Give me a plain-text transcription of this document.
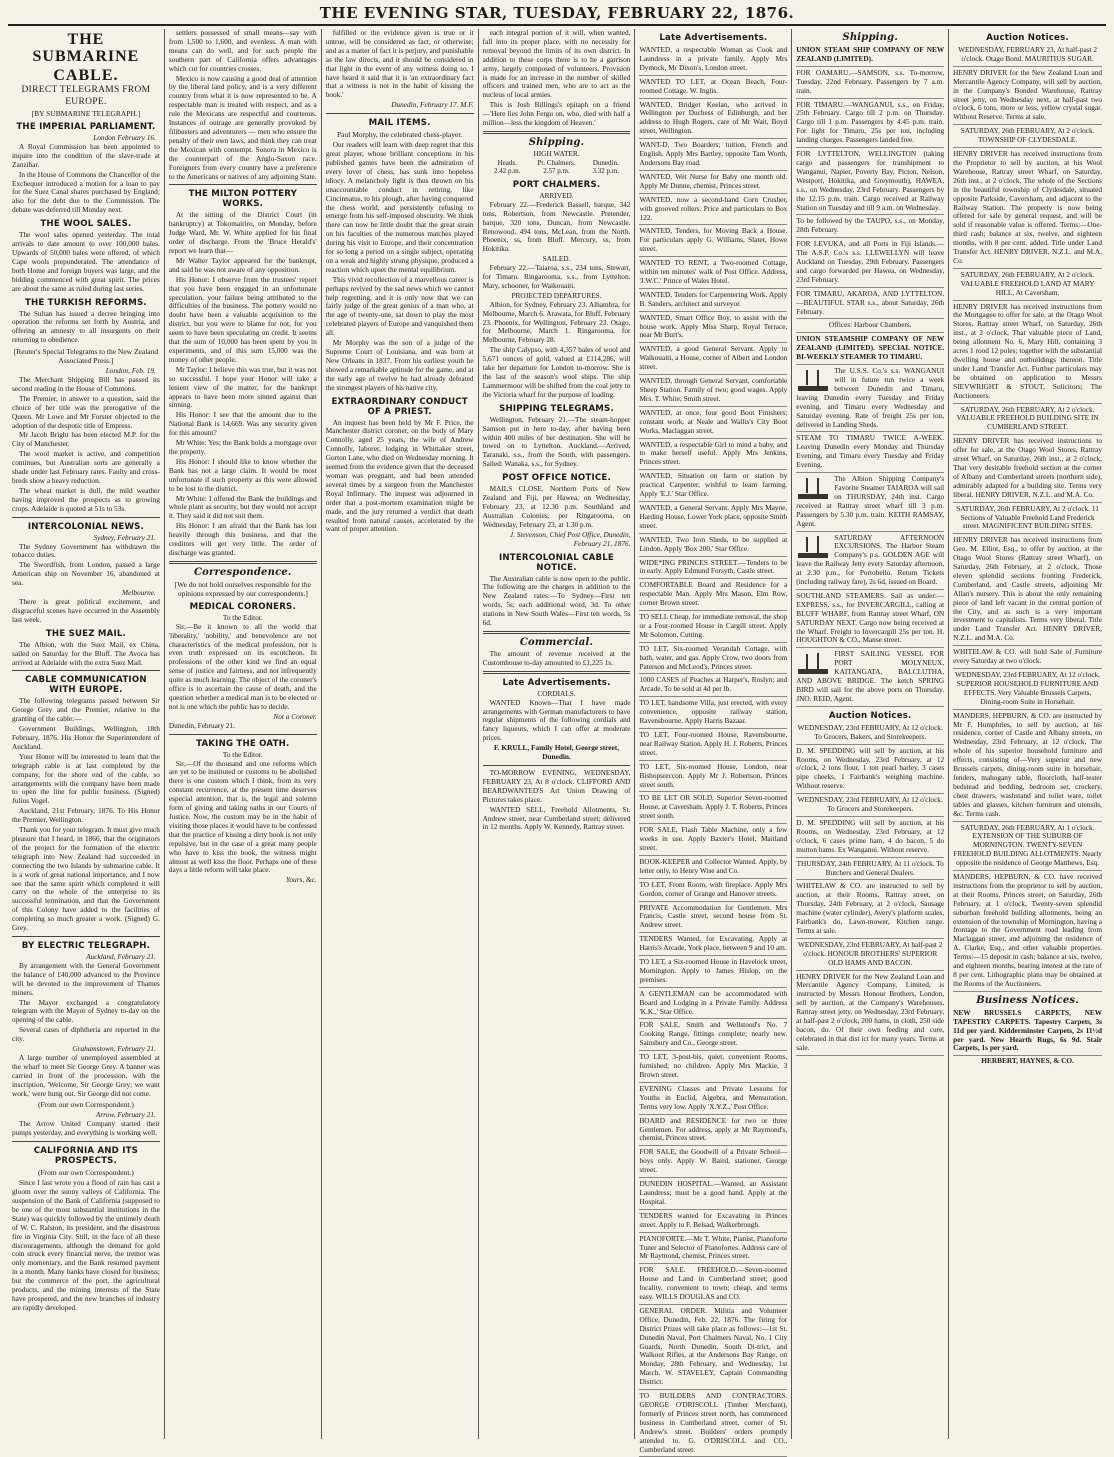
THE EVENING STAR, TUESDAY, FEBRUARY 22, 1876.
THE SUBMARINE
CABLE.
DIRECT TELEGRAMS FROM
EUROPE.
[BY SUBMARINE TELEGRAPH.]
THE IMPERIAL PARLIAMENT.
London February 16.

A Royal Commission has been appointed to inquire into the condition of the slave-trade at Zanzibar.

In the House of Commons the Chancellor of the Exchequer introduced a motion for a loan to pay for the Suez Canal shares purchased by England; also for the debt due to the Commission. The debate was deferred till Monday next.

THE WOOL SALES.

The wool sales opened yesterday. The total arrivals to date amount to over 100,000 bales. Upwards of 50,000 bales were offered, of which Cape wools preponderated. The attendance of both Home and foreign buyers was large, and the bidding commenced with great spirit. The prices are about the same as ruled during last series.

THE TURKISH REFORMS.

The Sultan has issued a decree bringing into operation the reforms set forth by Austria, and offering an amnesty to all insurgents on their returning to obedience.

[Reuter's Special Telegrams to the New Zealand Associated Press.]
London, Feb. 19.

The Merchant Shipping Bill has passed its second reading in the House of Commons.

The Premier, in answer to a question, said the choice of her title was the prerogative of the Queen. Mr Lowe and Mr Forster objected to the adoption of the despotic title of Empress.

Mr Jacob Bright has been elected M.P. for the City of Manchester.

The wool market is active, and competition continues, but Australian sorts are generally a shade under last February rates. Faulty and cross-breds show a heavy reduction.

The wheat market is dull, the mild weather having improved the prospects as to growing crops. Adelaide is quoted at 51s to 53s.

INTERCOLONIAL NEWS.
Sydney, February 21.

The Sydney Government has withdrawn the tobacco duties.

The Swordfish, from London, passed a large American ship on November 16, abandoned at sea.

Melbourne.

There is great political excitement, and disgraceful scenes have occurred in the Assembly last week.

THE SUEZ MAIL.

The Albion, with the Suez Mail, ex China, sailed on Saturday for the Bluff. The Avoca has arrived at Adelaide with the extra Suez Mail.

CABLE COMMUNICATION WITH EUROPE.

The following telegrams passed between Sir George Grey and the Premier, relative to the granting of the cable:—

Government Buildings, Wellington, 18th February, 1876. His Honor the Superintendent of Auckland.

Your Honor will be interested to learn that the telegraph cable is at last completed by the company, for the shore end of the cable, so arrangements with the company have been made to open the line for public business. (Signed) Julius Vogel.

Auckland, 21st February, 1876. To His Honor the Premier, Wellington.

Thank you for your telegram. It must give much pleasure that I heard, in 1866, that the originators of the project for the formation of the electric telegraph into New Zealand had succeeded in connecting the two Islands by submarine cable. It is a work of great national importance, and I now see that the same spirit which completed it will carry on the whole of the enterprise to its successful termination, and that the Government of this Colony have added to the facilities of completing so much greater a work. (Signed) G. Grey.

BY ELECTRIC TELEGRAPH.
Auckland, February 21.

By arrangement with the General Government the balance of £40,000 advanced to the Province will be devoted to the improvement of Thames miners.

The Mayor exchanged a congratulatory telegram with the Mayor of Sydney to-day on the opening of the cable.

Several cases of diphtheria are reported in the city.

Grahamstown, February 21.

A large number of unemployed assembled at the wharf to meet Sir George Grey. A banner was carried in front of the procession, with the inscription, 'Welcome, Sir George Grey; we want work,' were hung out. Sir George did not come.

(From our own Correspondent.)
Arrow, February 21.

The Arrow United Company started their pumps yesterday, and everything is working well.

CALIFORNIA AND ITS PROSPECTS.
(From our own Correspondent.)

Since I last wrote you a flood of rain has cast a gloom over the sunny valleys of California. The suspension of the Bank of California (supposed to be one of the most substantial institutions in the State) was quickly followed by the untimely death of W. C. Ralston, its president, and the disastrous fire in Virginia City. Still, in the face of all these discouragements, although the demand for gold coin struck every financial nerve, the tremor was only momentary, and the Bank resumed payment in a month. Many banks have closed for business; but the commerce of the port, the agricultural products, and the mining interests of the State have prospered, and the new branches of industry are rapidly developed.

settlers possessed of small means—say with from 1,500 to 1,600, and evenless. A man with means can do well, and for such people the southern part of California offers advantages which cut for countries crosses.

Mexico is now causing a good deal of attention by the liberal land policy, and is a very different country from what it is now represented to be. A respectable man is treated with respect, and as a rule the Mexicans are respectful and courteous. Instances of outrage are generally provoked by filibusters and adventurers — men who ensure the penalty of their own laws, and think they can treat the Mexican with contempt. Sonora in Mexico is the counterpart of the Anglo-Saxon race. Foreigners from every country have a preference to the Americans or natives of any adjoining State.

THE MILTON POTTERY WORKS.

At the sitting of the District Court (in bankruptcy) at Tokomairiro, on Monday, before Judge Ward, Mr. W. White applied for his final order of discharge. From the 'Bruce Herald's' report we learn that—

Mr Walter Taylor appeared for the bankrupt, and said he was not aware of any opposition.

His Honor: I observe from the trustees' report that you have been engaged in an unfortunate speculation, your failure being attributed to the difficulties of the business. The pottery would no doubt have been a valuable acquisition to the district, but you were to blame for not, for you seem to have been speculating on credit. It seems that the sum of 10,000 has been spent by you in experiments, and of this sum 15,000 was the money of other people.

Mr Taylor: I believe this was true, but it was not so successful. I hope your Honor will take a lenient view of the matter, for the bankrupt appears to have been more sinned against than sinning.

His Honor: I see that the amount due to the National Bank is 14,669. Was any security given for this amount?

Mr White: Yes; the Bank holds a mortgage over the property.

His Honor: I should like to know whether the Bank has not a large claim. It would be most unfortunate if such property as this were allowed to be lost to the district.

Mr White: I offered the Bank the buildings and whole plant as security, but they would not accept it. They said it did not suit them.

His Honor: I am afraid that the Bank has lost heavily through this business, and that the creditors will get very little. The order of discharge was granted.

Correspondence.
[We do not hold ourselves responsible for the opinions expressed by our correspondents.]
MEDICAL CORONERS.
To the Editor.

Sir,—Be it known to all the world that 'liberality,' 'nobility,' and benevolence are not characteristics of the medical profession, nor is even truth expressed on its escutcheon. In professions of the other kind we find an equal sense of justice and fairness, and not infrequently quite as much learning. The object of the coroner's office is to ascertain the cause of death, and the question whether a medical man is to be elected or not is one which the public has to decide.

Not a Coroner.
Dunedin, February 21.
TAKING THE OATH.
To the Editor.

Sir,—Of the thousand and one reforms which are yet to be instituted or customs to be abolished there is one custom which I think, from its very constant recurrence, at the present time deserves especial attention, that is, the legal and solemn form of giving and taking oaths in our Courts of Justice. Now, the custom may be in the habit of visiting those places it would have to be confessed that the practice of kissing a dirty book is not only repulsive, but in the case of a great many people who have to kiss the book, the witness might almost as well kiss the floor. Perhaps one of these days a little reform will take place.

Yours, &c.

fulfilled or the evidence given is true or it untrue, will be considered as fact, or otherwise; and as a matter of fact it is perjury, and punishable as the law directs, and it should be considered in that light in the event of any witness doing so. I have heard it said that it is 'an extraordinary fact that a witness is not in the habit of kissing the book.'

Dunedin, February 17. M.F.
MAIL ITEMS.
Paul Morphy, the celebrated chess-player.

Our readers will learn with deep regret that this great player, whose brilliant conceptions in his published games have been the admiration of every lover of chess, has sunk into hopeless idiocy. A melancholy light is thus thrown on his unaccountable conduct in retiring, like Cincinnatus, to his plough, after having conquered the chess world, and persistently refusing to emerge from his self-imposed obscurity. We think there can now be little doubt that the great strain on his faculties of the numerous matches played during his visit to Europe, and their concentration for so long a period on a single subject, operating on a weak and highly strung physique, produced a reaction which upset the mental equilibrium.

This vivid recollection of a marvellous career is perhaps revived by the sad news which we cannot help regretting, and it is only now that we can fairly judge of the great genius of a man who, at the age of twenty-one, sat down to play the most celebrated players of Europe and vanquished them all.

Mr Morphy was the son of a judge of the Supreme Court of Louisiana, and was born at New Orleans in 1837. From his earliest youth he showed a remarkable aptitude for the game, and at the early age of twelve he had already defeated the strongest players of his native city.

EXTRAORDINARY CONDUCT OF A PRIEST.

An inquest has been held by Mr F. Price, the Manchester district coroner, on the body of Mary Connolly, aged 25 years, the wife of Andrew Connolly, laborer, lodging in Whittaker street, Gorton Lane, who died on Wednesday morning. It seemed from the evidence given that the deceased woman was pregnant, and had been attended several times by a surgeon from the Manchester Royal Infirmary. The inquest was adjourned in order that a post-mortem examination might be made, and the jury returned a verdict that death resulted from natural causes, accelerated by the want of proper attention.

each integral portion of it will, when wanted, fall into its proper place, with no necessity for removal beyond the limits of its own district. In addition to these corps there is to be a garrison army, largely composed of volunteers. Provision is made for an increase in the number of skilled officers and trained men, who are to act as the nucleus of local armies.

This is Josh Billings's epitaph on a friend—'Here lies John Fergu on, who, died with half a million—less the kingdom of Heaven.'

Shipping.
HIGH WATER.
Heads.	Pt. Chalmers.	Dunedin.
2.42 p.m.	2.57 p.m.	3.32 p.m.
PORT CHALMERS.
ARRIVED.

February 22.—Frederick Bassell, barque, 342 tons, Robertson, from Newcastle. Pretender, barque, 320 tons, Duncan, from Newcastle. Renowood, 494 tons, McLean, from the North. Phoenix, ss, from Bluff. Mercury, ss, from Hokitika.

SAILED.

February 22.—Taiaroa, s.s., 234 tons, Stewart, for Timaru. Ringarooma, s.s., from Lyttelton. Mary, schooner, for Waikouaiti.

PROJECTED DEPARTURES.

Albion, for Sydney, February 23. Alhambra, for Melbourne, March 6. Arawata, for Bluff, February 23. Phoenix, for Wellington, February 23. Otago, for Melbourne, March 1. Ringarooma, for Melbourne, February 28.

The ship Calypso, with 4,357 bales of wool and 5,671 ounces of gold, valued at £114,286, will take her departure for London to-morrow. She is the last of the season's wool ships. The ship Lammermoor will be shifted from the coal jetty to the Victoria wharf for the purpose of loading.

SHIPPING TELEGRAMS.

Wellington, February 21.—The steam-hopper Samson put in here to-day, after having been within 400 miles of her destination. She will be towed on to Lyttelton. Auckland.—Arrived, Taranaki, s.s., from the South, with passengers. Sailed: Wanaka, s.s., for Sydney.

POST OFFICE NOTICE.

MAILS CLOSE. Northern Ports of New Zealand and Fiji, per Hawea, on Wednesday, February 23, at 12.30 p.m. Southland and Australian Colonies, per Ringarooma, on Wednesday, February 23, at 1.30 p.m.

J. Stevenson, Chief Post Office, Dunedin, February 21, 1876.
INTERCOLONIAL CABLE NOTICE.

The Australian cable is now open to the public. The following are the charges in addition to the New Zealand rates:—To Sydney—First ten words, 5s; each additional word, 3d. To other stations in New South Wales—First ten words, 5s 6d.

Commercial.

The amount of revenue received at the Customhouse to-day amounted to £1,225 1s.

Late Advertisements.
CORDIALS.

WANTED Known—That I have made arrangements with German manufacturers to have regular shipments of the following cordials and fancy liqueurs, which I can offer at moderate prices.

F. KRULL, Family Hotel, George street, Dunedin.

TO-MORROW EVENING, WEDNESDAY, FEBRUARY 23, At 8 o'clock. CLIFFORD AND BEARDWANTED'S Art Union Drawing of Pictures takes place.

WANTED SELL, Freehold Allotments, St. Andrew street, near Cumberland street; delivered in 12 months. Apply W. Kennedy, Rattray street.

Late Advertisements.
WANTED, a respectable Woman as Cook and Laundress in a private family. Apply Mrs Dymock, Mr Dixon's, London street.
WANTED TO LET, at Ocean Beach, Four-roomed Cottage. W. Inglis.
WANTED, Bridget Keelan, who arrived in Wellington per Duchess of Edinburgh, and her address to Hugh Rogers, care of Mr Wait, Boyd street, Wellington.
WANT-D, Two Boarders; tuition, French and English. Apply Mrs Bartley, opposite Tam Worth, Andersons Bay road.
WANTED, Wet Nurse for Baby one month old. Apply Mr Dunne, chemist, Princes street.
WANTED, now a second-hand Corn Crusher, with grooved rollers. Price and particulars to Box 122.
WANTED, Tenders, for Moving Back a House. For particulars apply G. Williams, Slater, Howe street.
WANTED TO RENT, a Two-roomed Cottage, within ten minutes' walk of Post Office. Address, 'J.W.C.' Prince of Wales Hotel.
WANTED, Tenders for Carpentering Work. Apply B. Sanders, architect and surveyor.
WANTED, Smart Office Boy, to assist with the house work. Apply Miss Sharp, Royal Terrace, near Mr Burt's.
WANTED, a good General Servant. Apply to Waikouaiti, a House, corner of Albert and London street.
WANTED, through General Servant, comfortable Sheep Station. Family of two; good wages. Apply Mrs. T. White, Smith street.
WANTED, at once, four good Boot Finishers; constant work, at Neale and Wallis's City Boot Works, Maclaggan street.
WANTED, a respectable Girl to mind a baby, and to make herself useful. Apply Mrs Jenkins, Princes street.
WANTED, Situation on farm or station by practical Carpenter, wishful to learn farming. Apply 'E.J.' Star Office.
WANTED, a General Servant. Apply Mrs Mayne, Harding House, Lower York place, opposite Smith street.
WANTED, Two Iron Sheds, to be supplied at Lindon. Apply 'Box 200,' Star Office.
WIDE*ING PRINCES STREET.—Tenders to be in early. Apply Edmund Forsyth, Castle street.
COMFORTABLE Board and Residence for a respectable Man. Apply Mrs Mason, Elm Row, corner Brown street.
TO SELL Cheap, for immediate removal, the shop or a Four-roomed House in Cargill street. Apply Mr Solomon, Cutting.
TO LET, Six-roomed Verandah Cottage, with bath, water, and gas. Apply Crow, two doors from Paterson and McLeod's, Princes street.
1000 CASES of Peaches at Harper's, Roslyn; and Arcade. To be sold at 4d per lb.
TO LET, handsome Villa, just erected, with every convenience, opposite railway station, Ravensbourne. Apply Harris Bazaar.
TO LET, Four-roomed House, Ravensbourne, near Railway Station. Apply H. J. Roberts, Princes street.
TO LET, Six-roomed House, London, near Bishopsreccon. Apply Mr J. Robertson, Princes street south.
TO BE LET OR SOLD, Superior Seven-roomed House, at Caversham. Apply J. T. Roberts, Princes street south.
FOR SALE, Flash Table Machine, only a few weeks in use. Apply Baxter's Hotel, Maitland street.
BOOK-KEEPER and Collector Wanted. Apply, by letter only, to Henry Wise and Co.
TO LET, Front Room, with fireplace. Apply Mrs Gordon, corner of Grange and Hanover streets.
PRIVATE Accommodation for Gentlemen. Mrs Francis, Castle street, second house from St. Andrew street.
TENDERS Wanted, for Excavating. Apply at Harris's Arcade, York place, between 9 and 10 am.
TO LET, a Six-roomed House in Havelock street, Mornington. Apply to James Hislop, on the premises.
A GENTLEMAN can be accommodated with Board and Lodging in a Private Family. Address 'K.K.,' Star Office.
FOR SALE, Smith and Wellstood's No. 7 Cooking Range, fittings complete; nearly new. Sainsbury and Co., George street.
TO LET, 3-post-bis, quiet, convenient Rooms, furnished; no children. Apply Mrs Mackie, 3 Brown street.
EVENING Classes and Private Lessons for Youths in Euclid, Algebra, and Mensuration. Terms very low. Apply 'X.Y.Z.,' Post Office.
BOARD and RESIDENCE for two or three Gentlemen. For address, apply at Mr Raymond's, chemist, Princes street.
FOR SALE, the Goodwill of a Private School—boys only. Apply W. Baird, stationer, George street.
DUNEDIN HOSPITAL.—Wanted, an Assistant Laundress; must be a good hand. Apply at the Hospital.
TENDERS wanted for Excavating in Princes street. Apply to F. Belsad, Walkerbrough.
PIANOFORTE.—Mr T. White, Pianist, Pianoforte Tuner and Selector of Pianofortes. Address care of Mr Raymond, chemist, Princes street.
FOR SALE. FREEHOLD.—Seven-roomed House and Land in Cumberland street; good locality, convenient to town; cheap, and terms easy. WILLS DOUGLAS and CO.
GENERAL ORDER. Militia and Volunteer Office, Dunedin, Feb. 22, 1876. The firing for District Prizes will take place as follows:—1st St. Dunedin Naval, Port Chalmers Naval, No. 1 City Guards, North Dunedin, South Di-trict, and Walkout Rifles, at the Andersons Bay Range, on Monday, 28th February, and Wednesday, 1st March. W. STAVELEY, Captain Commanding District.
TO BUILDERS AND CONTRACTORS. GEORGE O'DRISCOLL (Timber Merchant), formerly of Princes street north, has commenced business in Cumberland street, corner of St. Andrew's street. Builders' orders promptly attended to. G. O'DRISCOLL and CO., Cumberland street.
Shipping.
UNION STEAM SHIP COMPANY OF NEW ZEALAND (LIMITED).
FOR OAMARU.—SAMSON, s.s. To-morrow, Tuesday, 22nd February. Passengers by 7 a.m. train.
FOR TIMARU.—WANGANUI, s.s., on Friday, 25th February. Cargo till 2 p.m. on Thursday. Cargo till 1 p.m. Passengers by 4.45 p.m. train. For light for Timaru, 25s per ton, including landing charges. Passengers landed free.
FOR LYTTELTON, WELLINGTON (taking cargo and passengers for transhipment to Wanganui, Napier, Poverty Bay, Picton, Nelson, Westport, Hokitika, and Greymouth), HAWEA, s.s., on Wednesday, 23rd February. Passengers by the 12.15 p.m. train. Cargo received at Railway Station on Tuesday and till 9 a.m. on Wednesday.
To be followed by the TAUPO, s.s., on Monday, 28th February.
FOR LEVUKA, and all Ports in Fiji Islands.—The A.S.P. Co.'s s.s. LLEWELLYN will leave Auckland on Tuesday, 29th February. Passengers and cargo forwarded per Hawea, on Wednesday, 23rd February.
FOR TIMARU, AKAROA, AND LYTTELTON.—BEAUTIFUL STAR s.s., about Saturday, 26th February.
Offices: Harbour Chambers.
UNION STEAMSHIP COMPANY OF NEW ZEALAND (LIMITED). SPECIAL NOTICE. BI-WEEKLY STEAMER TO TIMARU.
The U.S.S. Co.'s s.s. WANGANUI will in future run twice a week between Dunedin and Timaru, leaving Dunedin every Tuesday and Friday evening, and Timaru every Wednesday and Saturday evening. Rate of freight 25s per ton, delivered in Landing Sheds.
STEAM TO TIMARU TWICE A-WEEK. Leaving Dunedin every Monday and Thursday Evening, and Timaru every Tuesday and Friday Evening.
The Albion Shipping Company's Favorite Steamer TAIAROA will sail on THURSDAY, 24th inst. Cargo received at Rattray street wharf till 3 p.m. Passengers by 5.30 p.m. train. KEITH RAMSAY, Agent.
SATURDAY AFTERNOON EXCURSIONS. The Harbor Steam Company's p.s. GOLDEN AGE will leave the Railway Jetty every Saturday afternoon, at 2.30 p.m., for Portobello. Return Tickets (including railway fare), 2s 6d, issued on Board.
SOUTHLAND STEAMERS. Sail as under:—EXPRESS, s.s., for INVERCARGILL, calling at BLUFF WHARF, from Rattray street Wharf, ON SATURDAY NEXT. Cargo now being received at the Wharf. Freight to Invercargill 25s per ton. H. HOUGHTON & CO., Manse street.
FIRST SAILING VESSEL FOR PORT MOLYNEUX, KAITANGATA, BALCLUTHA, AND ABOVE BRIDGE. The ketch SPRING BIRD will sail for the above ports on Thursday. JNO. REID, Agent.
Auction Notices.
WEDNESDAY, 23rd FEBRUARY, At 12 o'clock. To Grocers, Bakers, and Storekeepers.
D. M. SPEDDING will sell by auction, at his Rooms, on Wednesday, 23rd February, at 12 o'clock, 2 tons flour, 1 ton pearl barley, 3 cases pipe cheeks, 1 Fairbank's weighing machine. Without reserve.
WEDNESDAY, 23rd FEBRUARY, At 12 o'clock. To Grocers and Storekeepers.
D. M. SPEDDING will sell by auction, at his Rooms, on Wednesday, 23rd February, at 12 o'clock, 6 cases prime ham, 4 do bacon, 5 do mutton hams. Ex Wanganui. Without reserve.
THURSDAY, 24th FEBRUARY, At 11 o'clock. To Butchers and General Dealers.
WHITELAW & CO. are instructed to sell by auction, at their Rooms, Rattray street, on Thursday, 24th February, at 2 o'clock, Sausage machine (water cylinder), Avery's platform scales, Fairbank's do, Lawn-mower, Kitchen range. Terms at sale.
WEDNESDAY, 23rd FEBRUARY, At half-past 2 o'clock. HONOUR BROTHERS' SUPERIOR OLD HAMS AND BACON.
HENRY DRIVER for the New Zealand Loan and Mercantile Agency Company, Limited, is instructed by Messrs Honour Brothers, London, sell by auction, at the Company's Warehouses, Rattray street jetty, on Wednesday, 23rd February, at half-past 2 o'clock, 200 hams, in cloth, 250 side bacon, do. Of their own feeding and cure, celebrated in that dist ict for many years. Terms at sale.
Auction Notices.
WEDNESDAY, FEBRUARY 23, At half-past 2 o'clock. Otago Bond. MAURITIUS SUGAR.
HENRY DRIVER for the New Zealand Loan and Mercantile Agency Company, will sell by auction, in the Company's Bonded Warehouse, Rattray street jetty, on Wednesday next, at half-past two o'clock, 6 tons, more or less, yellow crystal sugar. Without Reserve. Terms at sale.
SATURDAY, 26th FEBRUARY, At 2 o'clock. TOWNSHIP OF CLYDESDALE.
HENRY DRIVER has received instructions from the Proprietor to sell by auction, at his Wool Warehouse, Rattray street Wharf, on Saturday, 26th inst., at 2 o'clock, The whole of the Sections in the beautiful township of Clydesdale, situated opposite Parkside, Caversham, and adjacent to the Railway Station. The property is now being offered for sale by general request, and will be sold if reasonable value is offered. Terms:—One-third cash; balance at six, twelve, and eighteen months, with 8 per cent. added. Title under Land Transfer Act. HENRY DRIVER, N.Z.L. and M.A. Co.
SATURDAY, 26th FEBRUARY, At 2 o'clock. VALUABLE FREEHOLD LAND AT MARY HILL, At Caversham.
HENRY DRIVER has received instructions from the Mortgagee to offer for sale, at the Otago Wool Stores, Rattray street Wharf, on Saturday, 26th inst., at 2 o'clock, That valuable piece of Land, being allotment No. 6, Mary Hill, containing 3 acres 1 rood 12 poles; together with the substantial dwelling house and outbuildings thereon. Title under Land Transfer Act. Further particulars may be obtained on application to Messrs SIEVWRIGHT & STOUT, Solicitors; The Auctioneers.
SATURDAY, 26th FEBRUARY, At 2 o'clock. VALUABLE FREEHOLD BUILDING SITE IN CUMBERLAND STREET.
HENRY DRIVER has received instructions to offer for sale, at the Otago Wool Stores, Rattray street Wharf, on Saturday, 26th inst., at 2 o'clock, That very desirable freehold section at the corner of Albany and Cumberland streets (northern side), admirably adapted for a building site. Terms very liberal. HENRY DRIVER, N.Z.L. and M.A. Co.
SATURDAY, 26th FEBRUARY, At 2 o'clock. 11 Sections of Valuable Freehold Land Frederick street. MAGNIFICENT BUILDING SITES.
HENRY DRIVER has received instructions from Geo. M. Elliot, Esq., to offer by auction, at the Otago Wool Stores (Rattray street Wharf), on Saturday, 26th February, at 2 o'clock, Those eleven splendid sections fronting Frederick, Cumberland, and Castle streets, adjoining Mr Allan's nursery. This is about the only remaining piece of land left vacant in the central portion of the City, and as such is a very important investment to capitalists. Terms very liberal. Title under Land Transfer Act. HENRY DRIVER, N.Z.L. and M.A. Co.
WHITELAW & CO. will hold Sale of Furniture every Saturday at two o'clock.
WEDNESDAY, 23rd FEBRUARY, At 12 o'clock. SUPERIOR HOUSEHOLD FURNITURE AND EFFECTS. Very Valuable Brussels Carpets, Dining-room Suite in Horsehair.
MANDERS, HEPBURN, & CO. are instructed by Mr F. Humphries, to sell by auction, at his residence, corner of Castle and Albany streets, on Wednesday, 23rd February, at 12 o'clock, The whole of his superior household furniture and effects, consisting of—Very superior and new Brussels carpets, dining-room suite in horsehair, fenders, mahogany table, floorcloth, half-tester bedstead and bedding, bedroom set, crockery, chest drawers, washstand and toilet ware, toilet tables and glasses, kitchen furniture and utensils, &c. Terms cash.
SATURDAY, 26th FEBRUARY, At 1 o'clock. EXTENSION OF THE SUBURB OF MORNINGTON. TWENTY-SEVEN FREEHOLD BUILDING ALLOTMENTS. Nearly opposite the residence of George Matthews, Esq.
MANDERS, HEPBURN, & CO. have received instructions from the proprietor to sell by auction, at their Rooms, Princes street, on Saturday, 26th February, at 1 o'clock, Twenty-seven splendid suburban freehold building allotments, being an extension of the township of Mornington, having a frontage to the Government road leading from Maclaggan street, and adjoining the residence of A. Clarke, Esq., and other valuable properties. Terms:—15 deposit in cash; balance at six, twelve, and eighteen months, bearing interest at the rate of 8 per cent. Lithographic plans may be obtained at the Rooms of the Auctioneers.
Business Notices.
NEW BRUSSELS CARPETS, NEW TAPESTRY CARPETS. Tapestry Carpets, 3s 11d per yard. Kidderminster Carpets, 2s 11½d per yard. New Hearth Rugs, 6s 9d. Stair Carpets, 1s per yard.
HERBERT, HAYNES, & CO.
